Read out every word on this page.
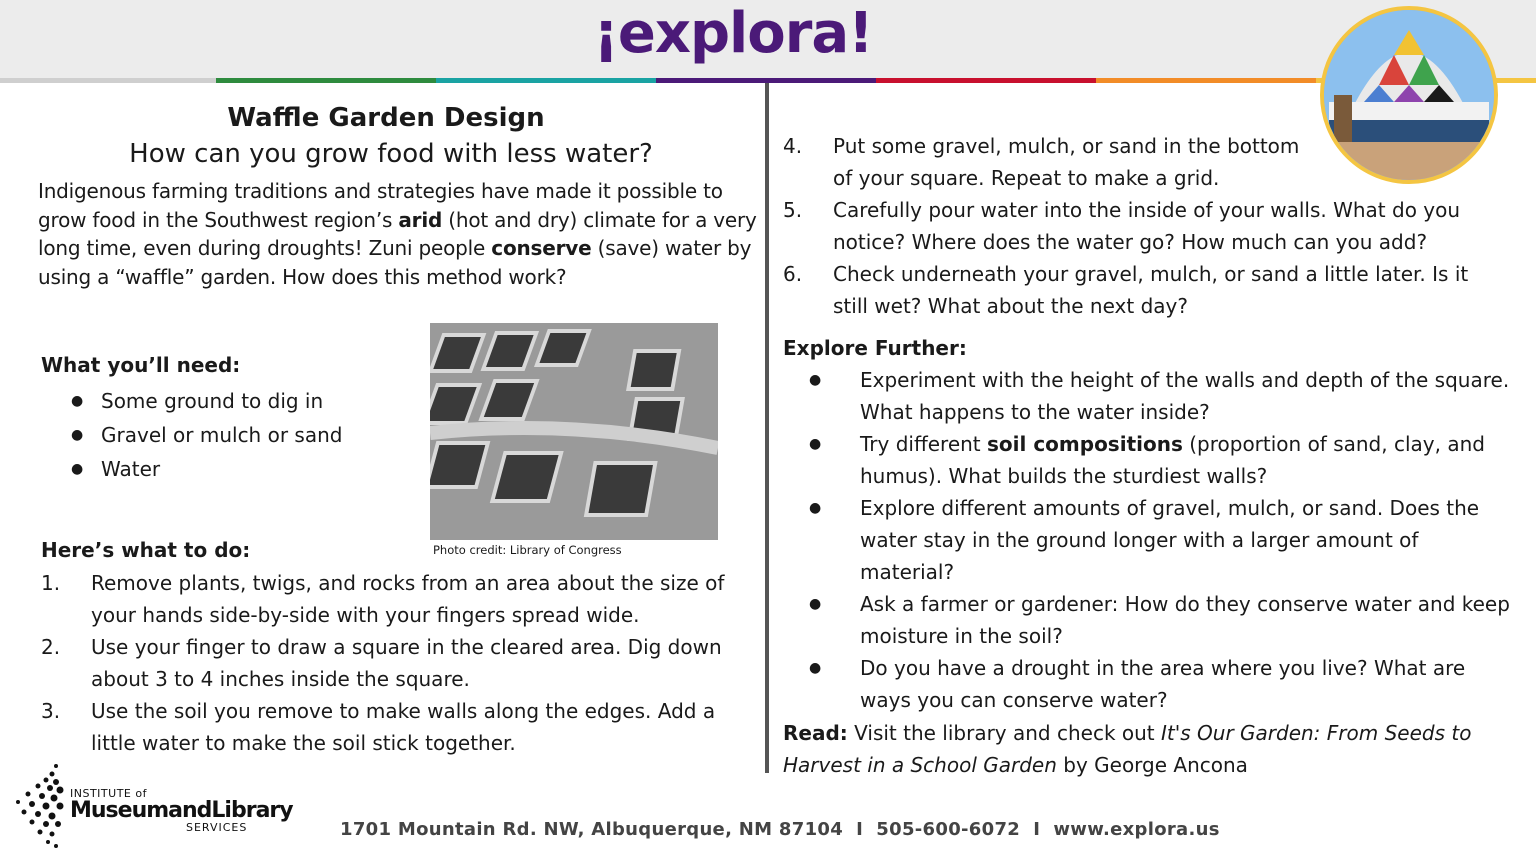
¡explora!
Waffle Garden Design
How can you grow food with less water?
Indigenous farming traditions and strategies have made it possible to grow food in the Southwest region’s arid (hot and dry) climate for a very long time, even during droughts! Zuni people conserve (save) water by using a “waffle” garden. How does this method work?
What you’ll need:
● Some ground to dig in
● Gravel or mulch or sand
● Water
Photo credit: Library of Congress
Here’s what to do:
1. Remove plants, twigs, and rocks from an area about the size of your hands side-by-side with your fingers spread wide.
2. Use your finger to draw a square in the cleared area. Dig down about 3 to 4 inches inside the square.
3. Use the soil you remove to make walls along the edges. Add a little water to make the soil stick together.
4. Put some gravel, mulch, or sand in the bottom of your square. Repeat to make a grid.
5. Carefully pour water into the inside of your walls. What do you notice? Where does the water go? How much can you add?
6. Check underneath your gravel, mulch, or sand a little later. Is it still wet? What about the next day?
Explore Further:
● Experiment with the height of the walls and depth of the square. What happens to the water inside?
● Try different soil compositions (proportion of sand, clay, and humus). What builds the sturdiest walls?
● Explore different amounts of gravel, mulch, or sand. Does the water stay in the ground longer with a larger amount of material?
● Ask a farmer or gardener: How do they conserve water and keep moisture in the soil?
● Do you have a drought in the area where you live? What are ways you can conserve water?
Read: Visit the library and check out It's Our Garden: From Seeds to Harvest in a School Garden by George Ancona
INSTITUTE of
MuseumandLibrary
SERVICES	1701 Mountain Rd. NW, Albuquerque, NM 87104  I  505-600-6072  I  www.explora.us
